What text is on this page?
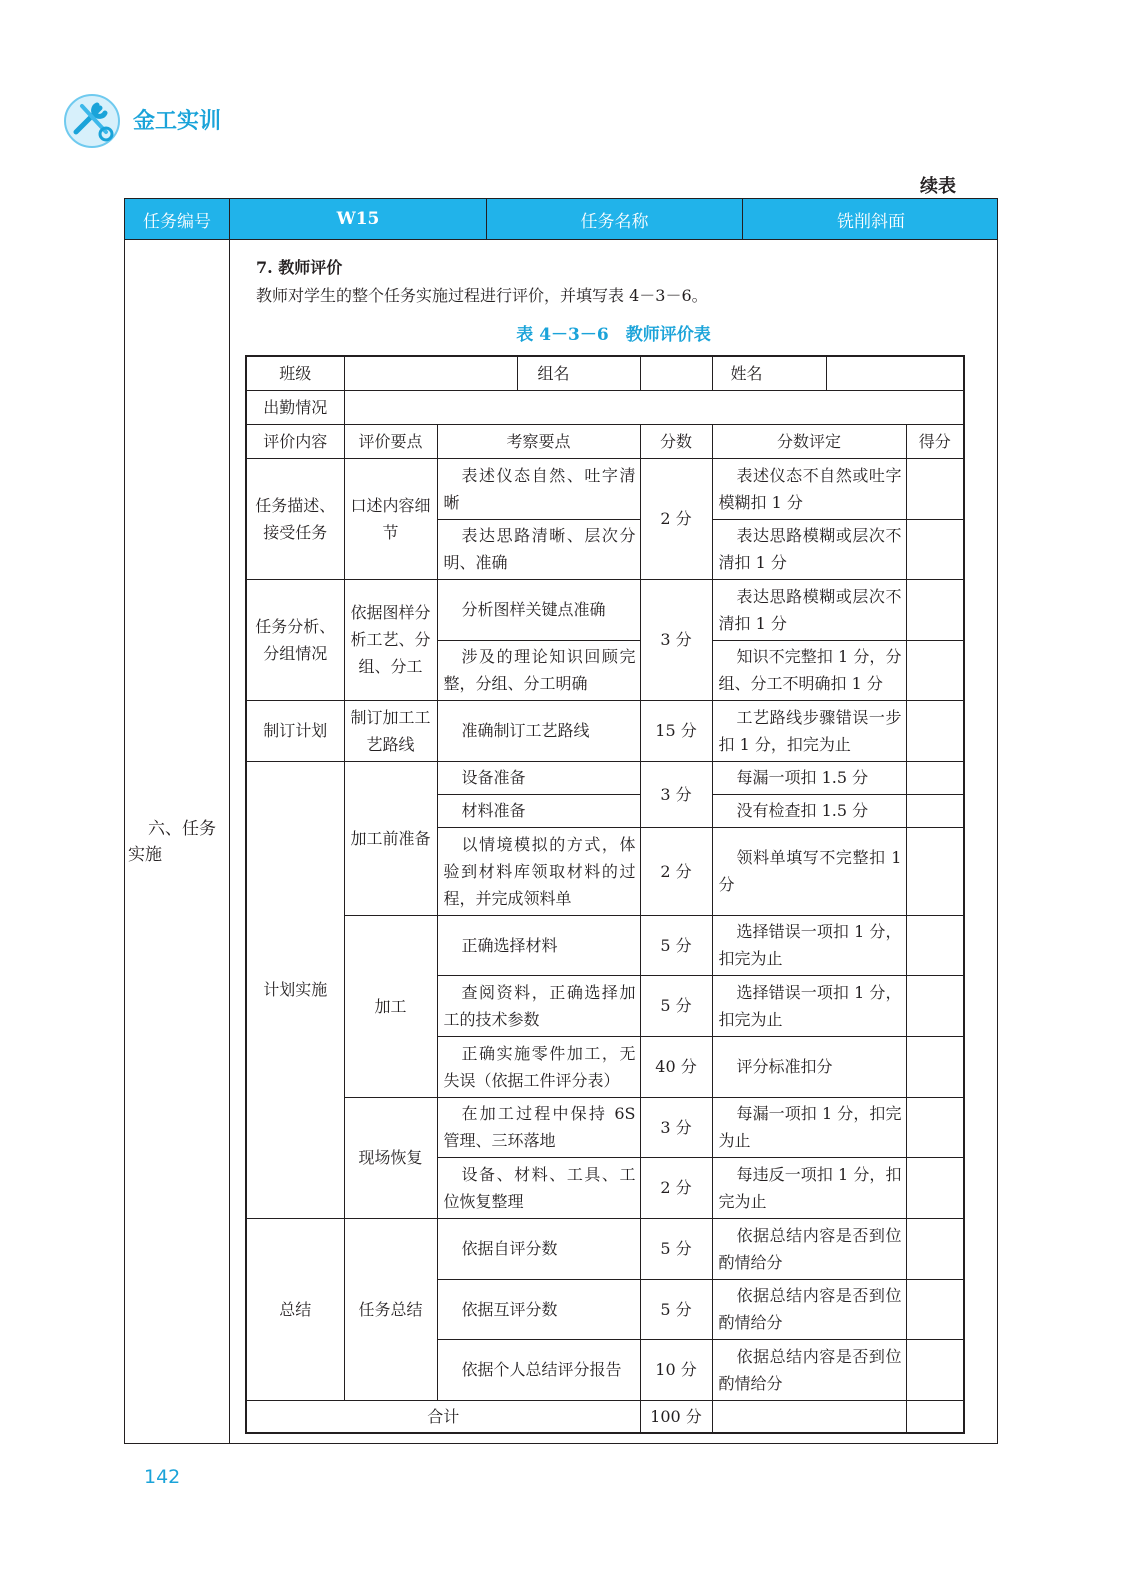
金工实训
续表
任务编号	W15	任务名称	铣削斜面
六、任务实施
7. 教师评价
教师对学生的整个任务实施过程进行评价，并填写表 4－3－6。
表 4－3－6　教师评价表
班级			组名		姓名		
出勤情况							
评价内容	评价要点	考察要点		分数	分数评定		得分
任务描述、接受任务	口述内容细节	表述仪态自然、吐字清晰		2 分	表述仪态不自然或吐字模糊扣 1 分		
		表达思路清晰、层次分明、准确			表达思路模糊或层次不清扣 1 分		
任务分析、分组情况	依据图样分析工艺、分组、分工	分析图样关键点准确		3 分	表达思路模糊或层次不清扣 1 分		
		涉及的理论知识回顾完整，分组、分工明确			知识不完整扣 1 分，分组、分工不明确扣 1 分		
制订计划	制订加工工艺路线	准确制订工艺路线		15 分	工艺路线步骤错误一步扣 1 分，扣完为止		
计划实施	加工前准备	设备准备		3 分	每漏一项扣 1.5 分		
		材料准备			没有检查扣 1.5 分		
		以情境模拟的方式，体验到材料库领取材料的过程，并完成领料单		2 分	领料单填写不完整扣 1 分		
	加工	正确选择材料		5 分	选择错误一项扣 1 分，扣完为止		
		查阅资料，正确选择加工的技术参数		5 分	选择错误一项扣 1 分，扣完为止		
		正确实施零件加工，无失误（依据工件评分表）		40 分	评分标准扣分		
	现场恢复	在加工过程中保持 6S 管理、三环落地		3 分	每漏一项扣 1 分，扣完为止		
		设备、材料、工具、工位恢复整理		2 分	每违反一项扣 1 分，扣完为止		
总结	任务总结	依据自评分数		5 分	依据总结内容是否到位酌情给分		
		依据互评分数		5 分	依据总结内容是否到位酌情给分		
		依据个人总结评分报告		10 分	依据总结内容是否到位酌情给分		
合计				100 分			
142
